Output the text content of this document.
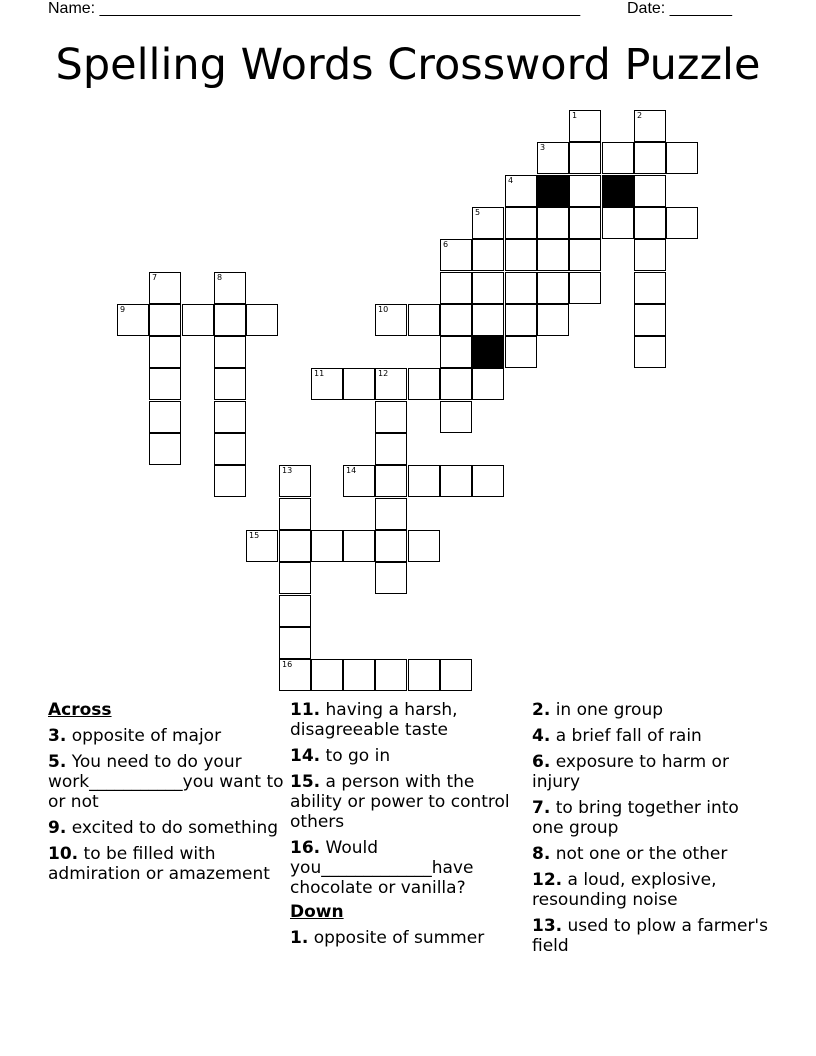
Name: ______________________________________________________	Date: _______
Spelling Words Crossword Puzzle
1	2
3
4
5
6
7	8
9	10
11	12
13	14
15
16
Across
3. opposite of major
5. You need to do your work___________you want to or not
9. excited to do something
10. to be filled with admiration or amazement
11. having a harsh, disagreeable taste
14. to go in
15. a person with the ability or power to control others
16. Would you_____________have chocolate or vanilla?
Down
1. opposite of summer
2. in one group
4. a brief fall of rain
6. exposure to harm or injury
7. to bring together into one group
8. not one or the other
12. a loud, explosive, resounding noise
13. used to plow a farmer's field
